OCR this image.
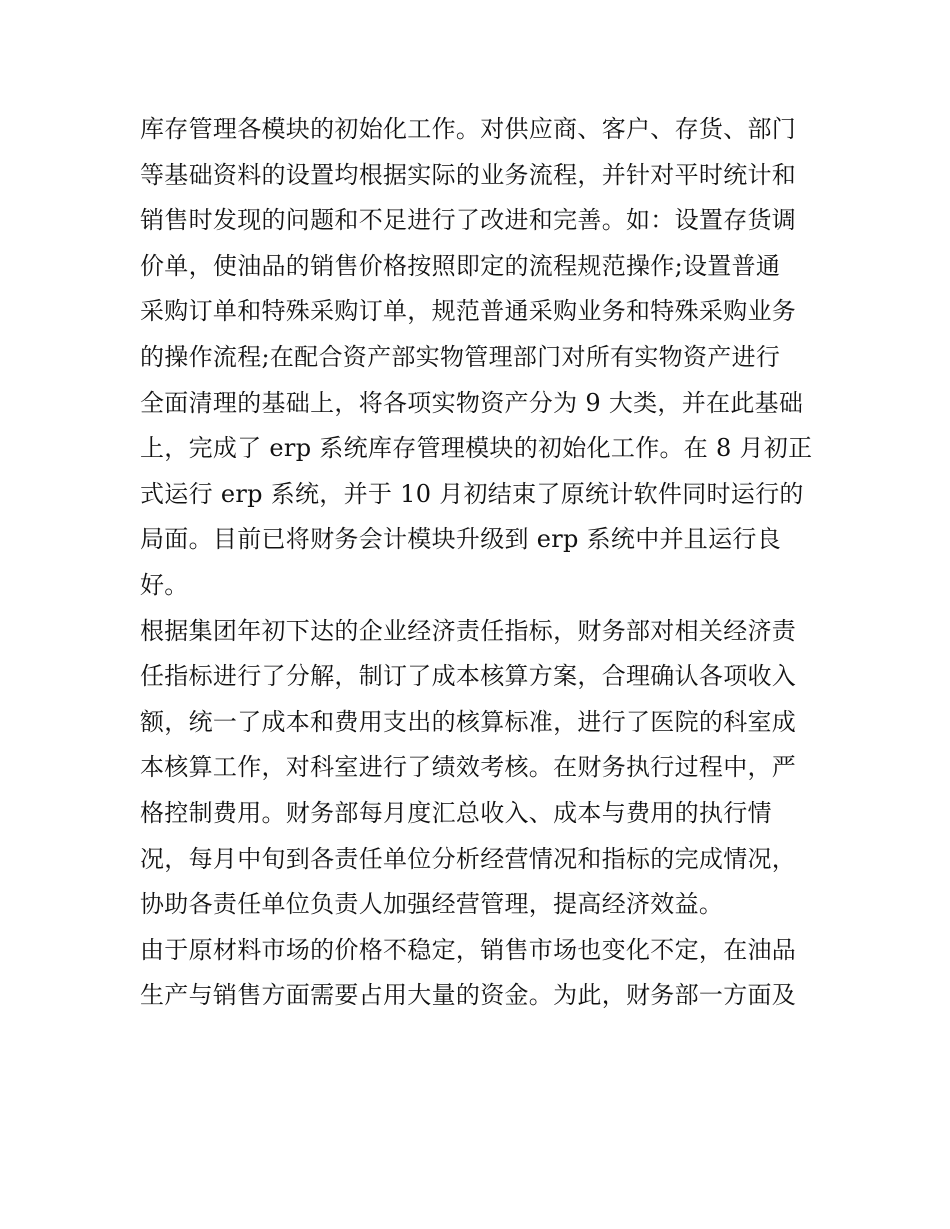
库存管理各模块的初始化工作。对供应商、客户、存货、部门
等基础资料的设置均根据实际的业务流程，并针对平时统计和
销售时发现的问题和不足进行了改进和完善。如：设置存货调
价单，使油品的销售价格按照即定的流程规范操作;设置普通
采购订单和特殊采购订单，规范普通采购业务和特殊采购业务
的操作流程;在配合资产部实物管理部门对所有实物资产进行
全面清理的基础上，将各项实物资产分为 9 大类，并在此基础
上，完成了 erp 系统库存管理模块的初始化工作。在 8 月初正
式运行 erp 系统，并于 10 月初结束了原统计软件同时运行的
局面。目前已将财务会计模块升级到 erp 系统中并且运行良
好。
根据集团年初下达的企业经济责任指标，财务部对相关经济责
任指标进行了分解，制订了成本核算方案，合理确认各项收入
额，统一了成本和费用支出的核算标准，进行了医院的科室成
本核算工作，对科室进行了绩效考核。在财务执行过程中，严
格控制费用。财务部每月度汇总收入、成本与费用的执行情
况，每月中旬到各责任单位分析经营情况和指标的完成情况，
协助各责任单位负责人加强经营管理，提高经济效益。
由于原材料市场的价格不稳定，销售市场也变化不定，在油品
生产与销售方面需要占用大量的资金。为此，财务部一方面及
